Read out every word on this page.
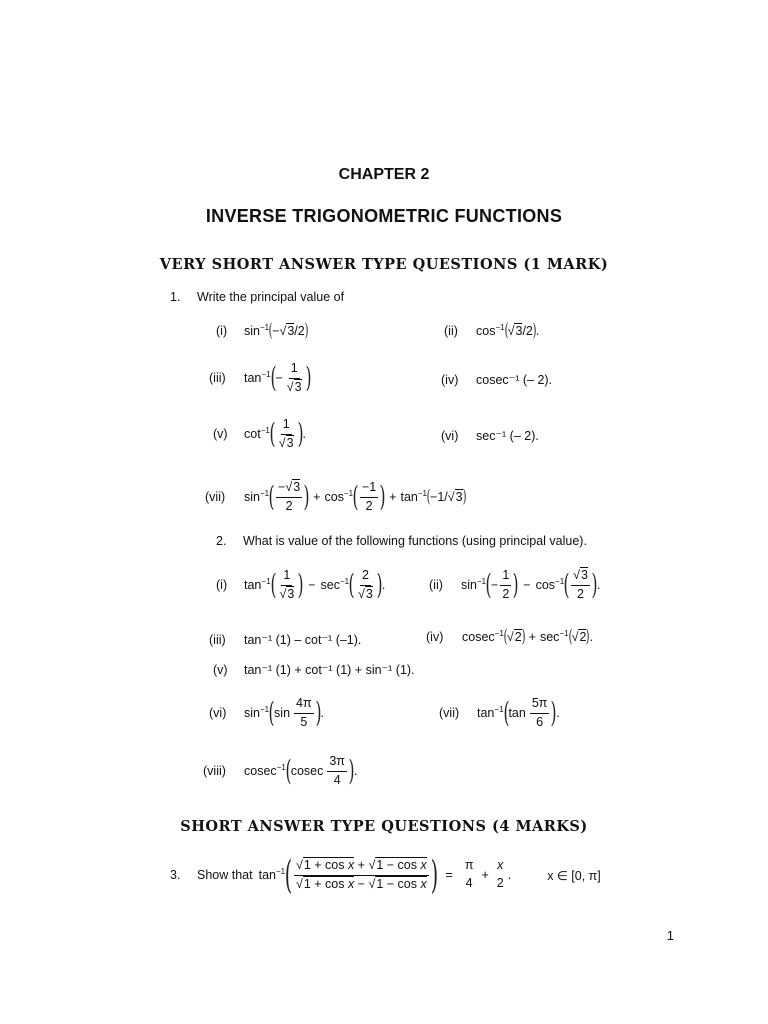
CHAPTER 2
INVERSE TRIGONOMETRIC FUNCTIONS
VERY SHORT ANSWER TYPE QUESTIONS (1 MARK)
1. Write the principal value of
(i)	$\sin^{-1}$ ( −√3/2 )	(ii)	$\cos^{-1}$ ( √3/2 ) .
(iii)	$\tan^{-1}$ ( − $\frac{1}{√3}$ )	(iv)	cosec⁻¹ (– 2).
(v)	$\cot^{-1}$ ( $\frac{1}{√3}$ ) .	(vi)	sec⁻¹ (– 2).
(vii)	$\sin^{-1}$ ( $\frac{-√3}{2}$ ) + $\cos^{-1}$ ( $\frac{-1}{2}$ ) + $\tan^{-1}$ ( −1/√3 )
2. What is value of the following functions (using principal value).
(i)	$\tan^{-1}$ ( $\frac{1}{√3}$ ) − $\sec^{-1}$ ( $\frac{2}{√3}$ ) .	(ii)	$\sin^{-1}$ ( − $\frac{1}{2}$ ) − $\cos^{-1}$ ( $\frac{√3}{2}$ ) .
(iii)	tan⁻¹ (1) – cot⁻¹ (–1).	(iv)	cosec$^{-1}$ ( √2 ) + $\sec^{-1}$ ( √2 ) .
(v)	tan⁻¹ (1) + cot⁻¹ (1) + sin⁻¹ (1).
(vi)	$\sin^{-1}$ ( $\sin \frac{4\pi}{5}$ ) .	(vii)	$\tan^{-1}$ ( $\tan \frac{5\pi}{6}$ ) .
(viii)	cosec$^{-1}$ ( cosec $\frac{3\pi}{4}$ ) .
SHORT ANSWER TYPE QUESTIONS (4 MARKS)
3.	Show that $\tan^{-1}$ ( $\frac{\text{√1 + cos x + √1 − cos x}}{\text{√1 + cos x − √1 − cos x}}$ ) =
π
4
+
x
2
.	x ∈ [0, π]
1
